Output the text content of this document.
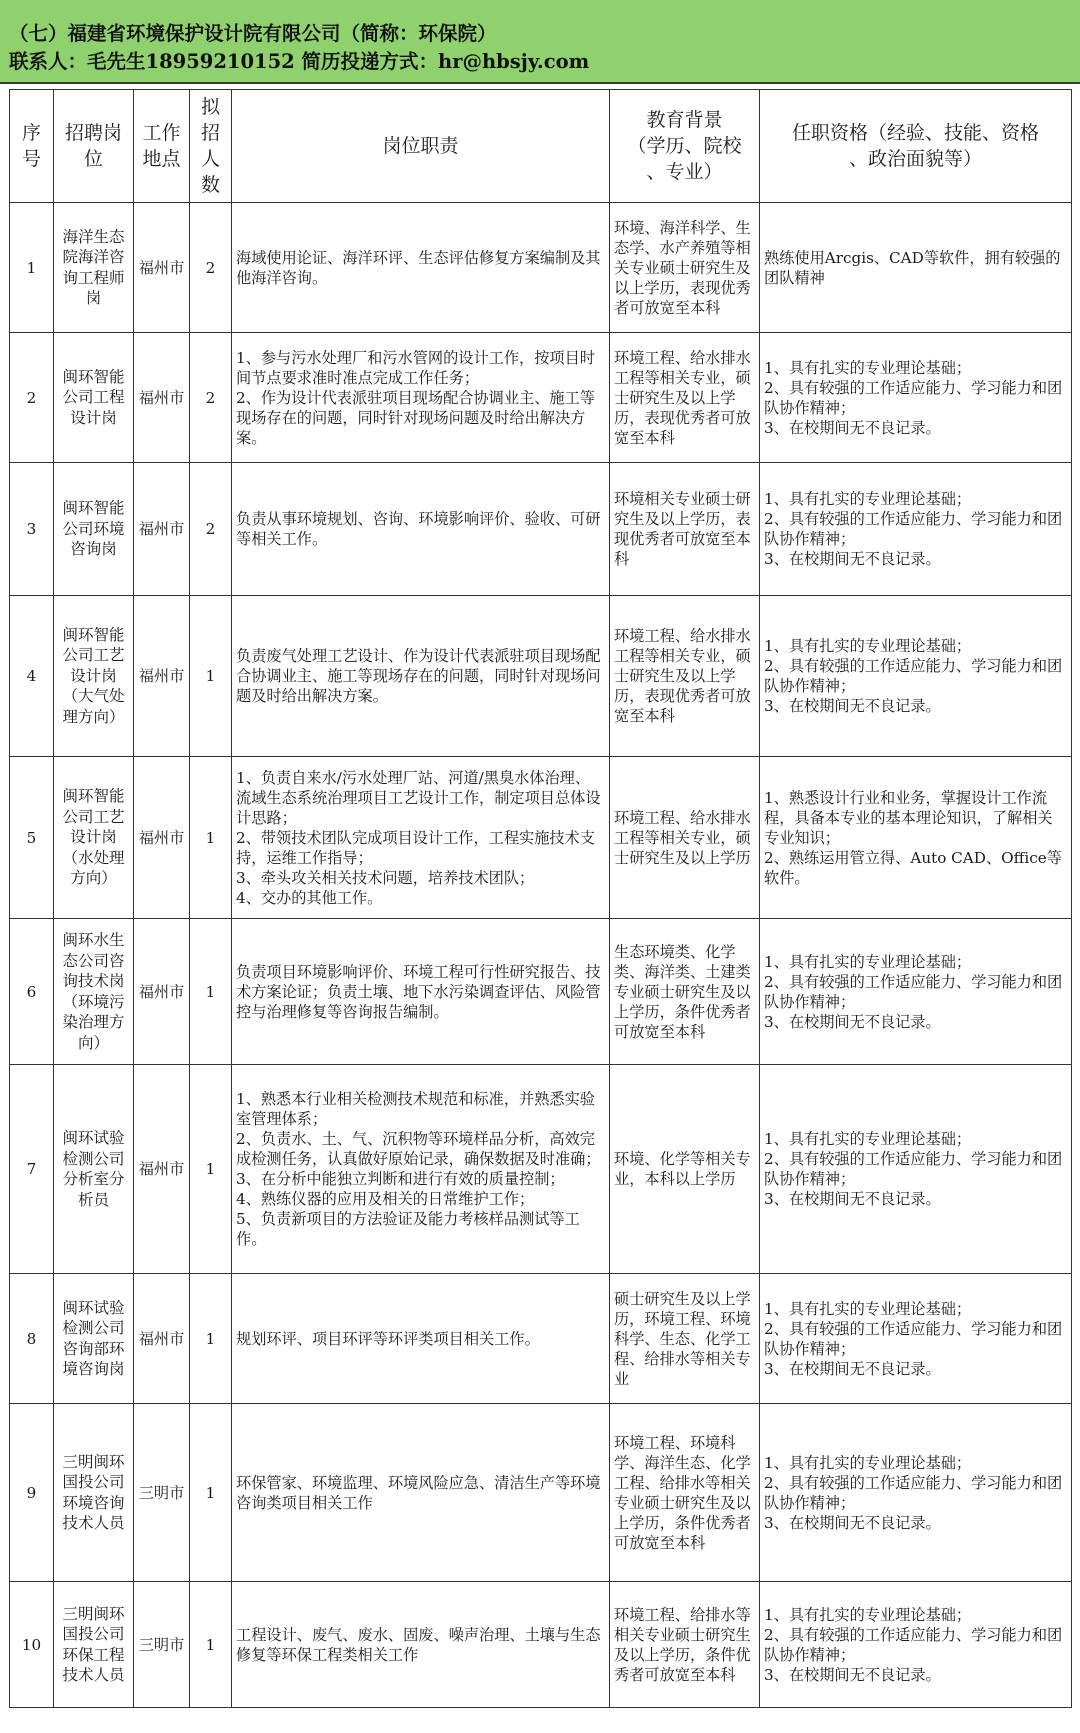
（七）福建省环境保护设计院有限公司（简称：环保院）
联系人：毛先生18959210152 简历投递方式：hr@hbsjy.com
序
号	招聘岗
位	工作
地点	拟
招
人
数	岗位职责	教育背景
（学历、院校
、专业）	任职资格（经验、技能、资格
、政治面貌等）
1	海洋生态院海洋咨询工程师岗	福州市	2	海域使用论证、海洋环评、生态评估修复方案编制及其他海洋咨询。	环境、海洋科学、生态学、水产养殖等相关专业硕士研究生及以上学历，表现优秀者可放宽至本科	熟练使用Arcgis、CAD等软件，拥有较强的团队精神
2	闽环智能公司工程设计岗	福州市	2	1、参与污水处理厂和污水管网的设计工作，按项目时间节点要求准时准点完成工作任务；
2、作为设计代表派驻项目现场配合协调业主、施工等现场存在的问题，同时针对现场问题及时给出解决方案。	环境工程、给水排水工程等相关专业，硕士研究生及以上学历，表现优秀者可放宽至本科	1、具有扎实的专业理论基础；
2、具有较强的工作适应能力、学习能力和团队协作精神；
3、在校期间无不良记录。
3	闽环智能公司环境咨询岗	福州市	2	负责从事环境规划、咨询、环境影响评价、验收、可研等相关工作。	环境相关专业硕士研究生及以上学历，表现优秀者可放宽至本科	1、具有扎实的专业理论基础；
2、具有较强的工作适应能力、学习能力和团队协作精神；
3、在校期间无不良记录。
4	闽环智能公司工艺设计岗（大气处理方向）	福州市	1	负责废气处理工艺设计、作为设计代表派驻项目现场配合协调业主、施工等现场存在的问题，同时针对现场问题及时给出解决方案。	环境工程、给水排水工程等相关专业，硕士研究生及以上学历，表现优秀者可放宽至本科	1、具有扎实的专业理论基础；
2、具有较强的工作适应能力、学习能力和团队协作精神；
3、在校期间无不良记录。
5	闽环智能公司工艺设计岗（水处理方向）	福州市	1	1、负责自来水/污水处理厂站、河道/黑臭水体治理、流域生态系统治理项目工艺设计工作，制定项目总体设计思路；
2、带领技术团队完成项目设计工作，工程实施技术支持，运维工作指导；
3、牵头攻关相关技术问题，培养技术团队；
4、交办的其他工作。	环境工程、给水排水工程等相关专业，硕士研究生及以上学历	1、熟悉设计行业和业务，掌握设计工作流程，具备本专业的基本理论知识，了解相关专业知识；
2、熟练运用管立得、Auto CAD、Office等软件。
6	闽环水生态公司咨询技术岗（环境污染治理方向）	福州市	1	负责项目环境影响评价、环境工程可行性研究报告、技术方案论证；负责土壤、地下水污染调查评估、风险管控与治理修复等咨询报告编制。	生态环境类、化学类、海洋类、土建类专业硕士研究生及以上学历，条件优秀者可放宽至本科	1、具有扎实的专业理论基础；
2、具有较强的工作适应能力、学习能力和团队协作精神；
3、在校期间无不良记录。
7	闽环试验检测公司分析室分析员	福州市	1	1、熟悉本行业相关检测技术规范和标准，并熟悉实验室管理体系；
2、负责水、土、气、沉积物等环境样品分析，高效完成检测任务，认真做好原始记录，确保数据及时准确；
3、在分析中能独立判断和进行有效的质量控制；
4、熟练仪器的应用及相关的日常维护工作；
5、负责新项目的方法验证及能力考核样品测试等工作。	环境、化学等相关专业，本科以上学历	1、具有扎实的专业理论基础；
2、具有较强的工作适应能力、学习能力和团队协作精神；
3、在校期间无不良记录。
8	闽环试验检测公司咨询部环境咨询岗	福州市	1	规划环评、项目环评等环评类项目相关工作。	硕士研究生及以上学历，环境工程、环境科学、生态、化学工程、给排水等相关专业	1、具有扎实的专业理论基础；
2、具有较强的工作适应能力、学习能力和团队协作精神；
3、在校期间无不良记录。
9	三明闽环国投公司环境咨询技术人员	三明市	1	环保管家、环境监理、环境风险应急、清洁生产等环境咨询类项目相关工作	环境工程、环境科学、海洋生态、化学工程、给排水等相关专业硕士研究生及以上学历，条件优秀者可放宽至本科	1、具有扎实的专业理论基础；
2、具有较强的工作适应能力、学习能力和团队协作精神；
3、在校期间无不良记录。
10	三明闽环国投公司环保工程技术人员	三明市	1	工程设计、废气、废水、固废、噪声治理、土壤与生态修复等环保工程类相关工作	环境工程、给排水等相关专业硕士研究生及以上学历，条件优秀者可放宽至本科	1、具有扎实的专业理论基础；
2、具有较强的工作适应能力、学习能力和团队协作精神；
3、在校期间无不良记录。
